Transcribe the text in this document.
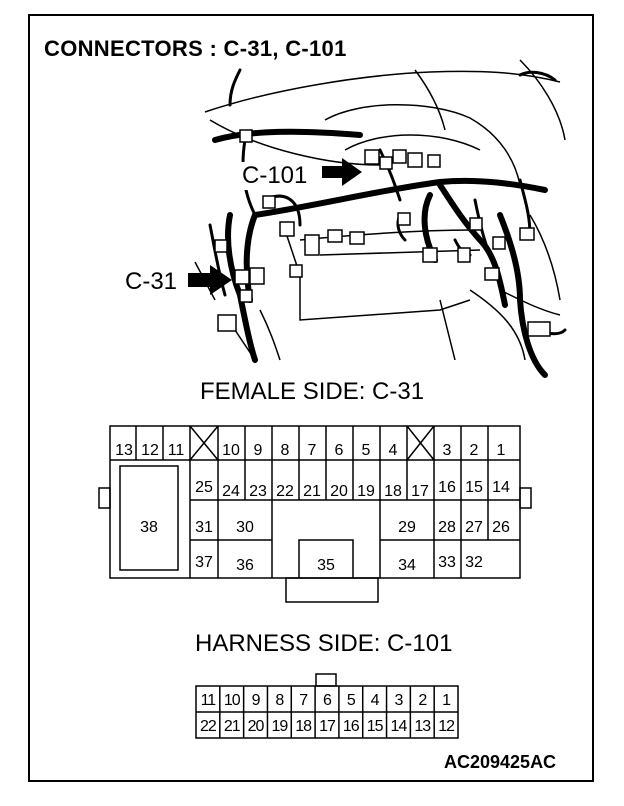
CONNECTORS : C-31, C-101
C-101
C-31
FEMALE SIDE: C-31
13 12 11 10 9 8 7 6 5 4	3 2 1
25 24 23 22 21 20 19 18 17 16 15 14
31 30	29 28 27 26
37 36	35	34 33 32
38
HARNESS SIDE: C-101
11 10 9 8 7 6 5 4 3 2 1
22 21 20 19 18 17 16 15 14 13 12
AC209425AC
